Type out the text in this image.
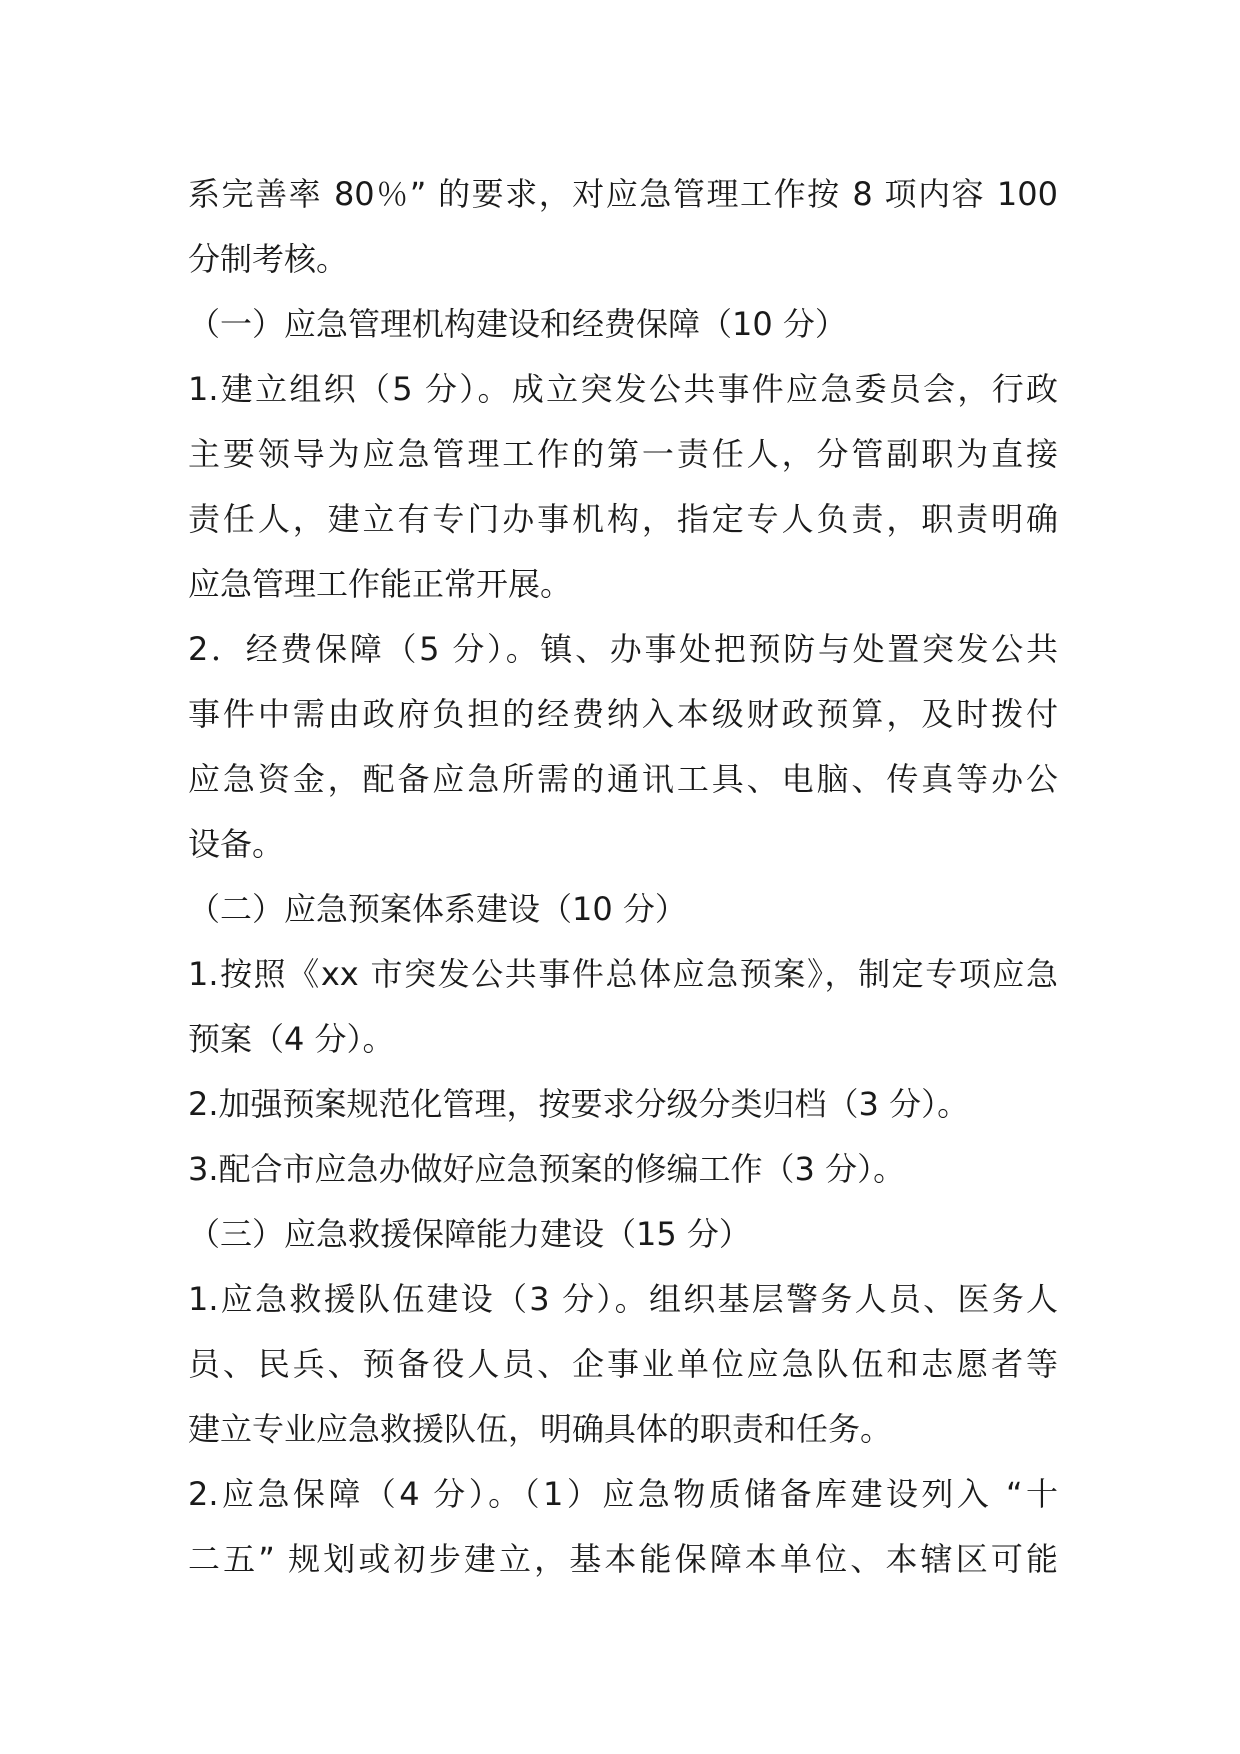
系完善率 80％” 的要求，对应急管理工作按 8 项内容 100
分制考核。
（一）应急管理机构建设和经费保障（10 分）
1.建立组织（5 分）。成立突发公共事件应急委员会，行政
主要领导为应急管理工作的第一责任人，分管副职为直接
责任人，建立有专门办事机构，指定专人负责，职责明确
应急管理工作能正常开展。
2．经费保障（5 分）。镇、办事处把预防与处置突发公共
事件中需由政府负担的经费纳入本级财政预算，及时拨付
应急资金，配备应急所需的通讯工具、电脑、传真等办公
设备。
（二）应急预案体系建设（10 分）
1.按照《xx 市突发公共事件总体应急预案》，制定专项应急
预案（4 分）。
2.加强预案规范化管理，按要求分级分类归档（3 分）。
3.配合市应急办做好应急预案的修编工作（3 分）。
（三）应急救援保障能力建设（15 分）
1.应急救援队伍建设（3 分）。组织基层警务人员、医务人
员、民兵、预备役人员、企事业单位应急队伍和志愿者等
建立专业应急救援队伍，明确具体的职责和任务。
2.应急保障（4 分）。（1）应急物质储备库建设列入 “十
二五” 规划或初步建立，基本能保障本单位、本辖区可能
